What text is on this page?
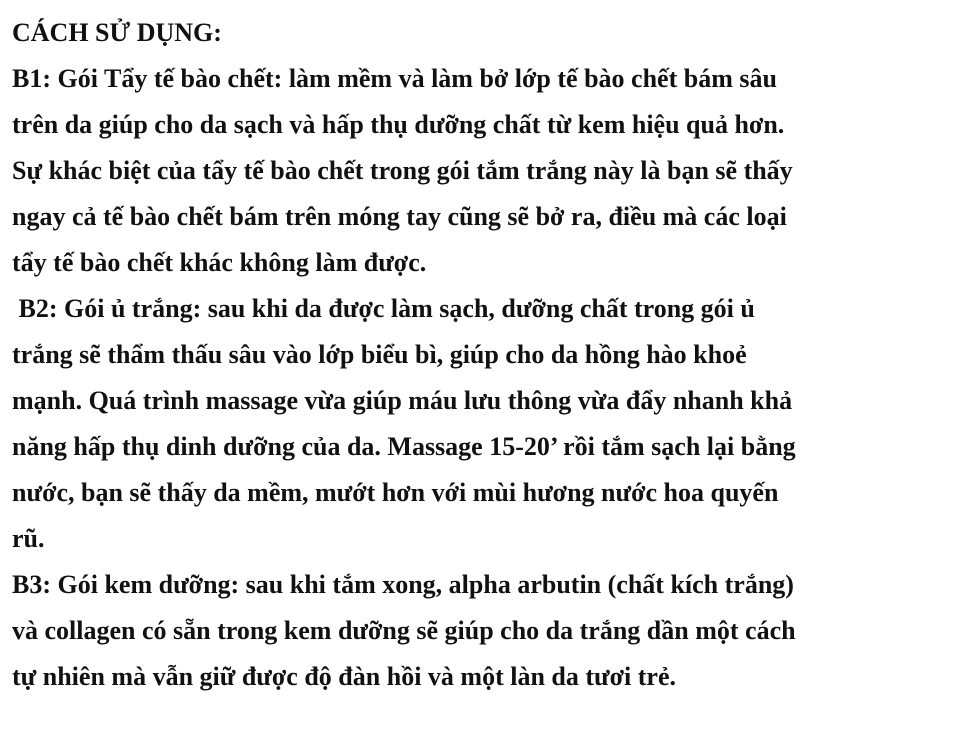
CÁCH SỬ DỤNG:
B1: Gói Tẩy tế bào chết: làm mềm và làm bở lớp tế bào chết bám sâu
trên da giúp cho da sạch và hấp thụ dưỡng chất từ kem hiệu quả hơn.
Sự khác biệt của tẩy tế bào chết trong gói tắm trắng này là bạn sẽ thấy
ngay cả tế bào chết bám trên móng tay cũng sẽ bở ra, điều mà các loại
tẩy tế bào chết khác không làm được.
B2: Gói ủ trắng: sau khi da được làm sạch, dưỡng chất trong gói ủ
trắng sẽ thẩm thấu sâu vào lớp biểu bì, giúp cho da hồng hào khoẻ
mạnh. Quá trình massage vừa giúp máu lưu thông vừa đẩy nhanh khả
năng hấp thụ dinh dưỡng của da. Massage 15-20’ rồi tắm sạch lại bằng
nước, bạn sẽ thấy da mềm, mướt hơn với mùi hương nước hoa quyến
rũ.
B3: Gói kem dưỡng: sau khi tắm xong, alpha arbutin (chất kích trắng)
và collagen có sẵn trong kem dưỡng sẽ giúp cho da trắng dần một cách
tự nhiên mà vẫn giữ được độ đàn hồi và một làn da tươi trẻ.
